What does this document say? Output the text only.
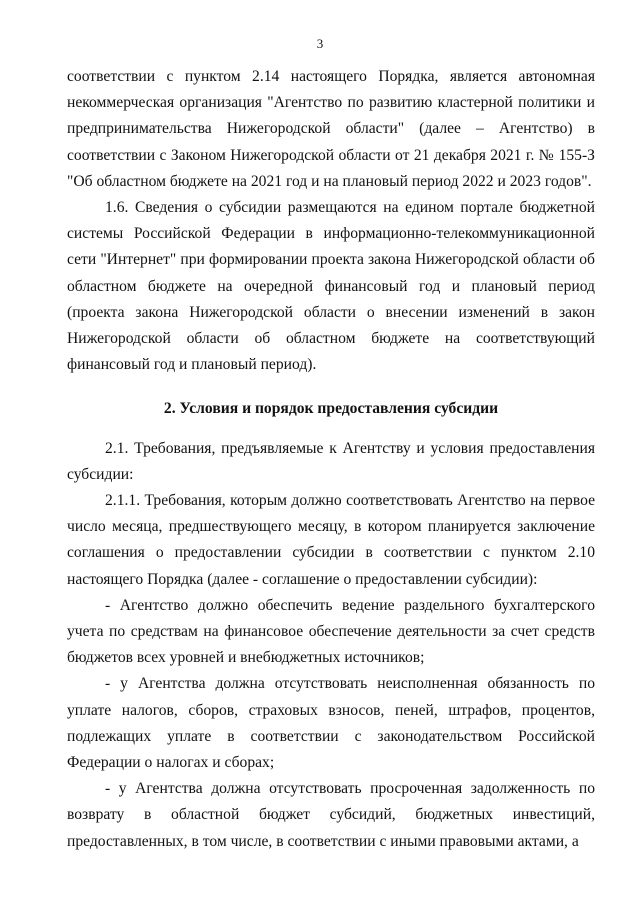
3

соответствии с пунктом 2.14 настоящего Порядка, является автономная некоммерческая организация "Агентство по развитию кластерной политики и предпринимательства Нижегородской области" (далее – Агентство) в соответствии с Законом Нижегородской области от 21 декабря 2021 г. № 155-З "Об областном бюджете на 2021 год и на плановый период 2022 и 2023 годов".

1.6. Сведения о субсидии размещаются на едином портале бюджетной системы Российской Федерации в информационно-телекоммуникационной сети "Интернет" при формировании проекта закона Нижегородской области об областном бюджете на очередной финансовый год и плановый период (проекта закона Нижегородской области о внесении изменений в закон Нижегородской области об областном бюджете на соответствующий финансовый год и плановый период).

2. Условия и порядок предоставления субсидии

2.1. Требования, предъявляемые к Агентству и условия предоставления субсидии:

2.1.1. Требования, которым должно соответствовать Агентство на первое число месяца, предшествующего месяцу, в котором планируется заключение соглашения о предоставлении субсидии в соответствии с пунктом 2.10 настоящего Порядка (далее - соглашение о предоставлении субсидии):

- Агентство должно обеспечить ведение раздельного бухгалтерского учета по средствам на финансовое обеспечение деятельности за счет средств бюджетов всех уровней и внебюджетных источников;

- у Агентства должна отсутствовать неисполненная обязанность по уплате налогов, сборов, страховых взносов, пеней, штрафов, процентов, подлежащих уплате в соответствии с законодательством Российской Федерации о налогах и сборах;

- у Агентства должна отсутствовать просроченная задолженность по возврату в областной бюджет субсидий, бюджетных инвестиций, предоставленных, в том числе, в соответствии с иными правовыми актами, а
